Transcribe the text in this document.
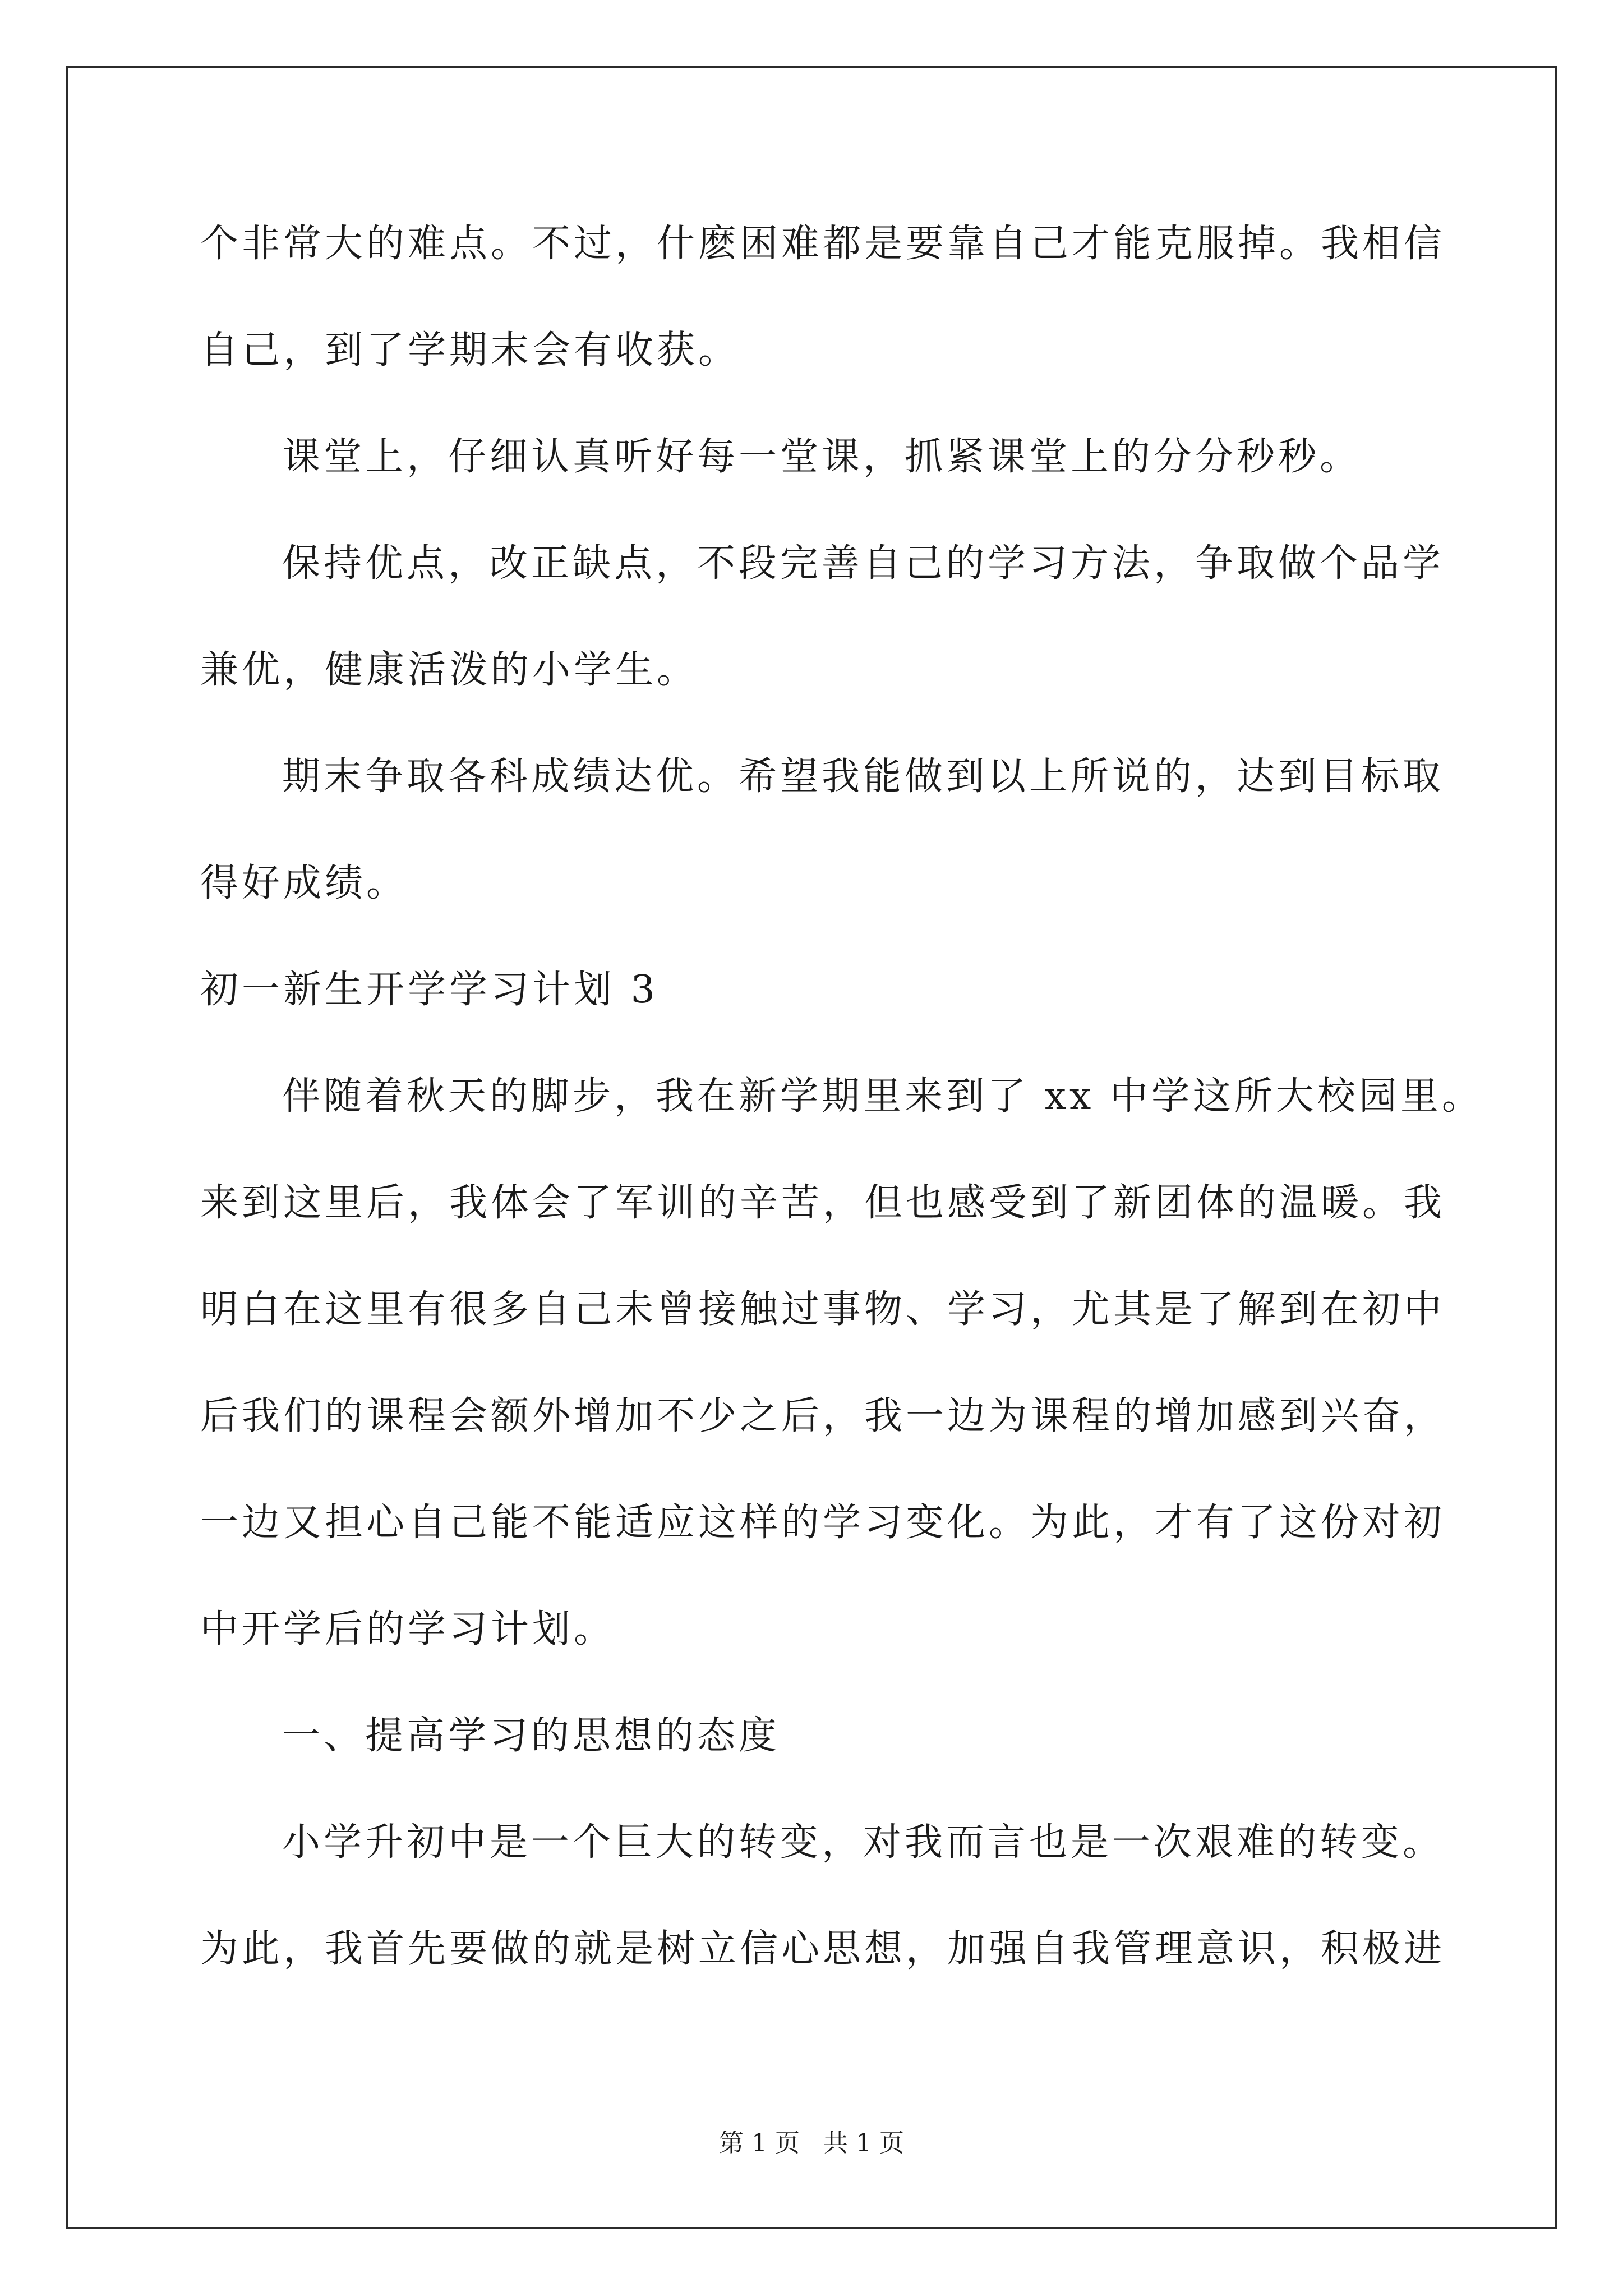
个非常大的难点。不过，什麽困难都是要靠自己才能克服掉。我相信
自己，到了学期末会有收获。
课堂上，仔细认真听好每一堂课，抓紧课堂上的分分秒秒。
保持优点，改正缺点，不段完善自己的学习方法，争取做个品学
兼优，健康活泼的小学生。
期末争取各科成绩达优。希望我能做到以上所说的，达到目标取
得好成绩。
初一新生开学学习计划 3
伴随着秋天的脚步，我在新学期里来到了 xx 中学这所大校园里。
来到这里后，我体会了军训的辛苦，但也感受到了新团体的温暖。我
明白在这里有很多自己未曾接触过事物、学习，尤其是了解到在初中
后我们的课程会额外增加不少之后，我一边为课程的增加感到兴奋，
一边又担心自己能不能适应这样的学习变化。为此，才有了这份对初
中开学后的学习计划。
一、提高学习的思想的态度
小学升初中是一个巨大的转变，对我而言也是一次艰难的转变。
为此，我首先要做的就是树立信心思想，加强自我管理意识，积极进
第 1 页   共 1 页
